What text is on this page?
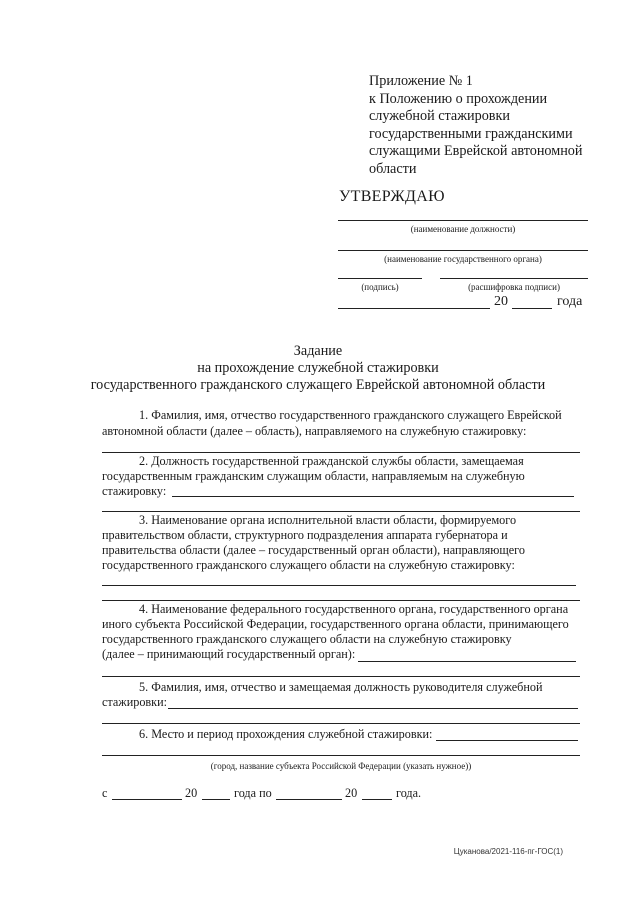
Приложение № 1
к Положению о прохождении
служебной стажировки
государственными гражданскими
служащими Еврейской автономной
области
УТВЕРЖДАЮ
(наименование должности)
(наименование государственного органа)
(подпись)	(расшифровка подписи)
20	года
Задание
на прохождение служебной стажировки
государственного гражданского служащего Еврейской автономной области
1. Фамилия, имя, отчество государственного гражданского служащего Еврейской
автономной области (далее – область), направляемого на служебную стажировку:
2. Должность государственной гражданской службы области, замещаемая
государственным гражданским служащим области, направляемым на служебную
стажировку:
3. Наименование органа исполнительной власти области, формируемого
правительством области, структурного подразделения аппарата губернатора и
правительства области (далее – государственный орган области), направляющего
государственного гражданского служащего области на служебную стажировку:
4. Наименование федерального государственного органа, государственного органа
иного субъекта Российской Федерации, государственного органа области, принимающего
государственного гражданского служащего области на служебную стажировку
(далее – принимающий государственный орган):
5. Фамилия, имя, отчество и замещаемая должность руководителя служебной
стажировки:
6. Место и период прохождения служебной стажировки:
(город, название субъекта Российской Федерации (указать нужное))
с	20	года по	20	года.
Цуканова/2021-116-пг-ГОС(1)
